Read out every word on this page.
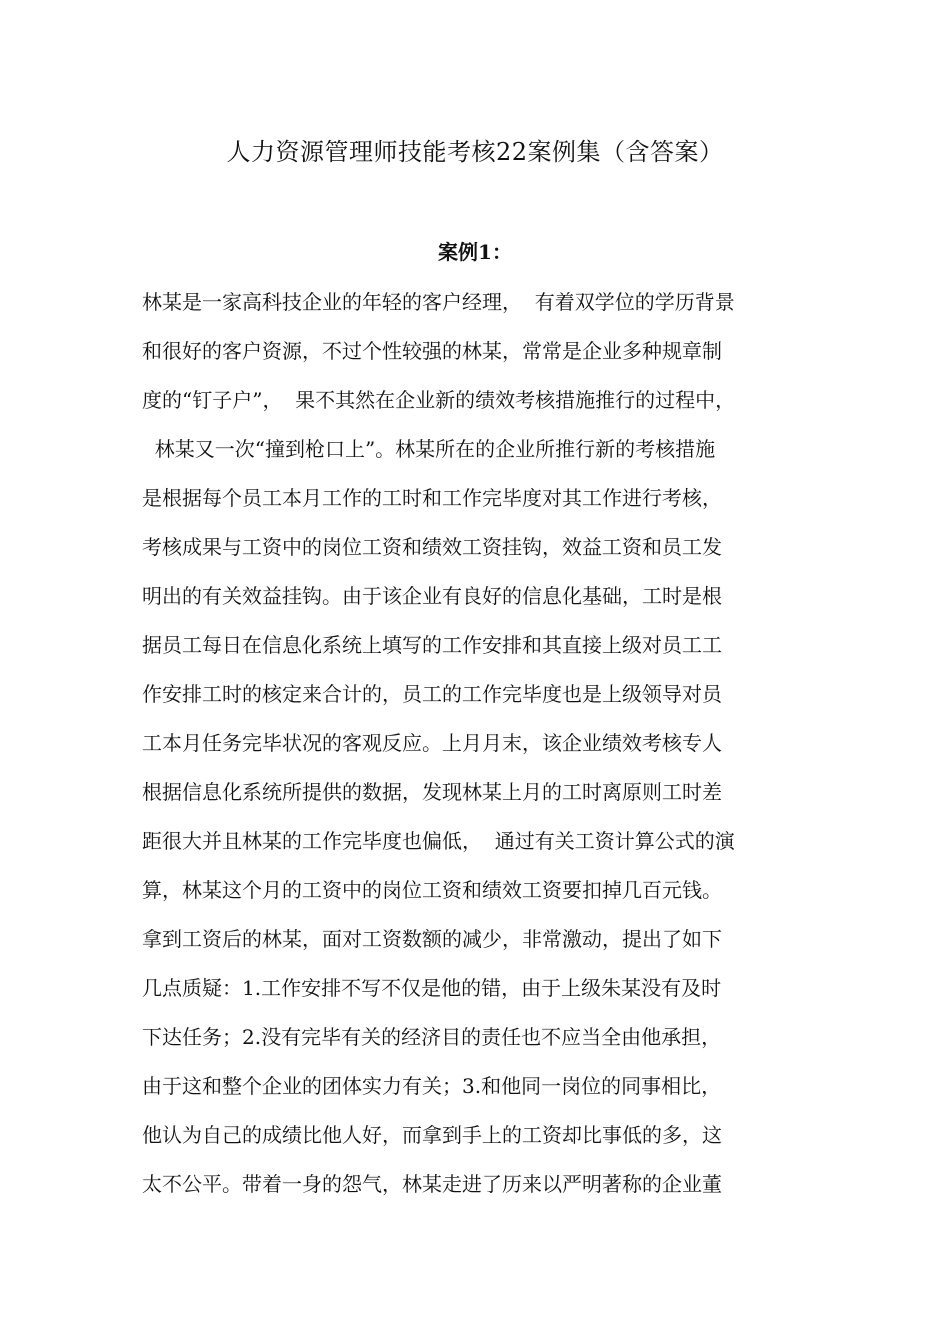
人力资源管理师技能考核22案例集（含答案）
案例1：
林某是一家高科技企业的年轻的客户经理，  有着双学位的学历背景
和很好的客户资源，不过个性较强的林某，常常是企业多种规章制
度的“钉子户”，  果不其然在企业新的绩效考核措施推行的过程中，
林某又一次“撞到枪口上”。林某所在的企业所推行新的考核措施
是根据每个员工本月工作的工时和工作完毕度对其工作进行考核，
考核成果与工资中的岗位工资和绩效工资挂钩，效益工资和员工发
明出的有关效益挂钩。由于该企业有良好的信息化基础，工时是根
据员工每日在信息化系统上填写的工作安排和其直接上级对员工工
作安排工时的核定来合计的，员工的工作完毕度也是上级领导对员
工本月任务完毕状况的客观反应。上月月末，该企业绩效考核专人
根据信息化系统所提供的数据，发现林某上月的工时离原则工时差
距很大并且林某的工作完毕度也偏低，  通过有关工资计算公式的演
算，林某这个月的工资中的岗位工资和绩效工资要扣掉几百元钱。
拿到工资后的林某，面对工资数额的减少，非常激动，提出了如下
几点质疑：1.工作安排不写不仅是他的错，由于上级朱某没有及时
下达任务；2.没有完毕有关的经济目的责任也不应当全由他承担，
由于这和整个企业的团体实力有关；3.和他同一岗位的同事相比，
他认为自己的成绩比他人好，而拿到手上的工资却比事低的多，这
太不公平。带着一身的怨气，林某走进了历来以严明著称的企业董
